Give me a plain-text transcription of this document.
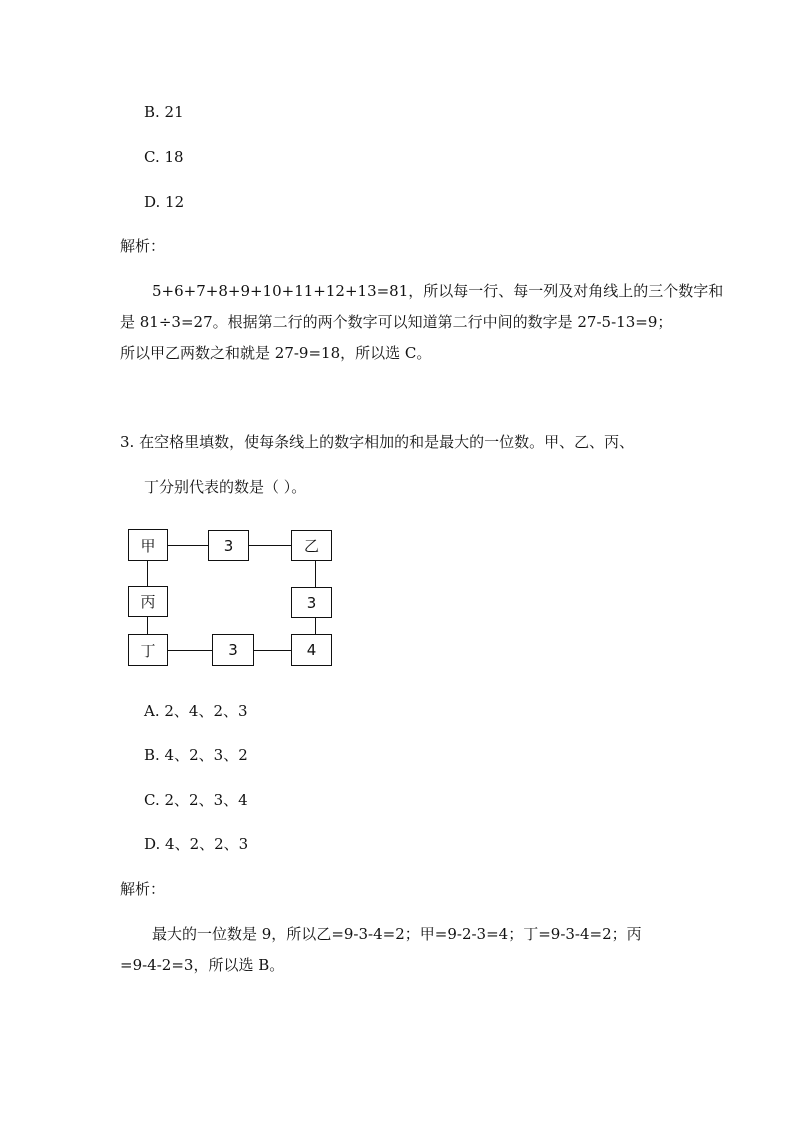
B. 21
C. 18
D. 12
解析：
5+6+7+8+9+10+11+12+13=81，所以每一行、每一列及对角线上的三个数字和
是 81÷3=27。根据第二行的两个数字可以知道第二行中间的数字是 27-5-13=9；
所以甲乙两数之和就是 27-9=18，所以选 C。
3. 在空格里填数，使每条线上的数字相加的和是最大的一位数。甲、乙、丙、
丁分别代表的数是（ ）。
甲	3	乙
丙	3
丁	3	4
A. 2、4、2、3
B. 4、2、3、2
C. 2、2、3、4
D. 4、2、2、3
解析：
最大的一位数是 9，所以乙=9-3-4=2；甲=9-2-3=4；丁=9-3-4=2；丙
=9-4-2=3，所以选 B。
